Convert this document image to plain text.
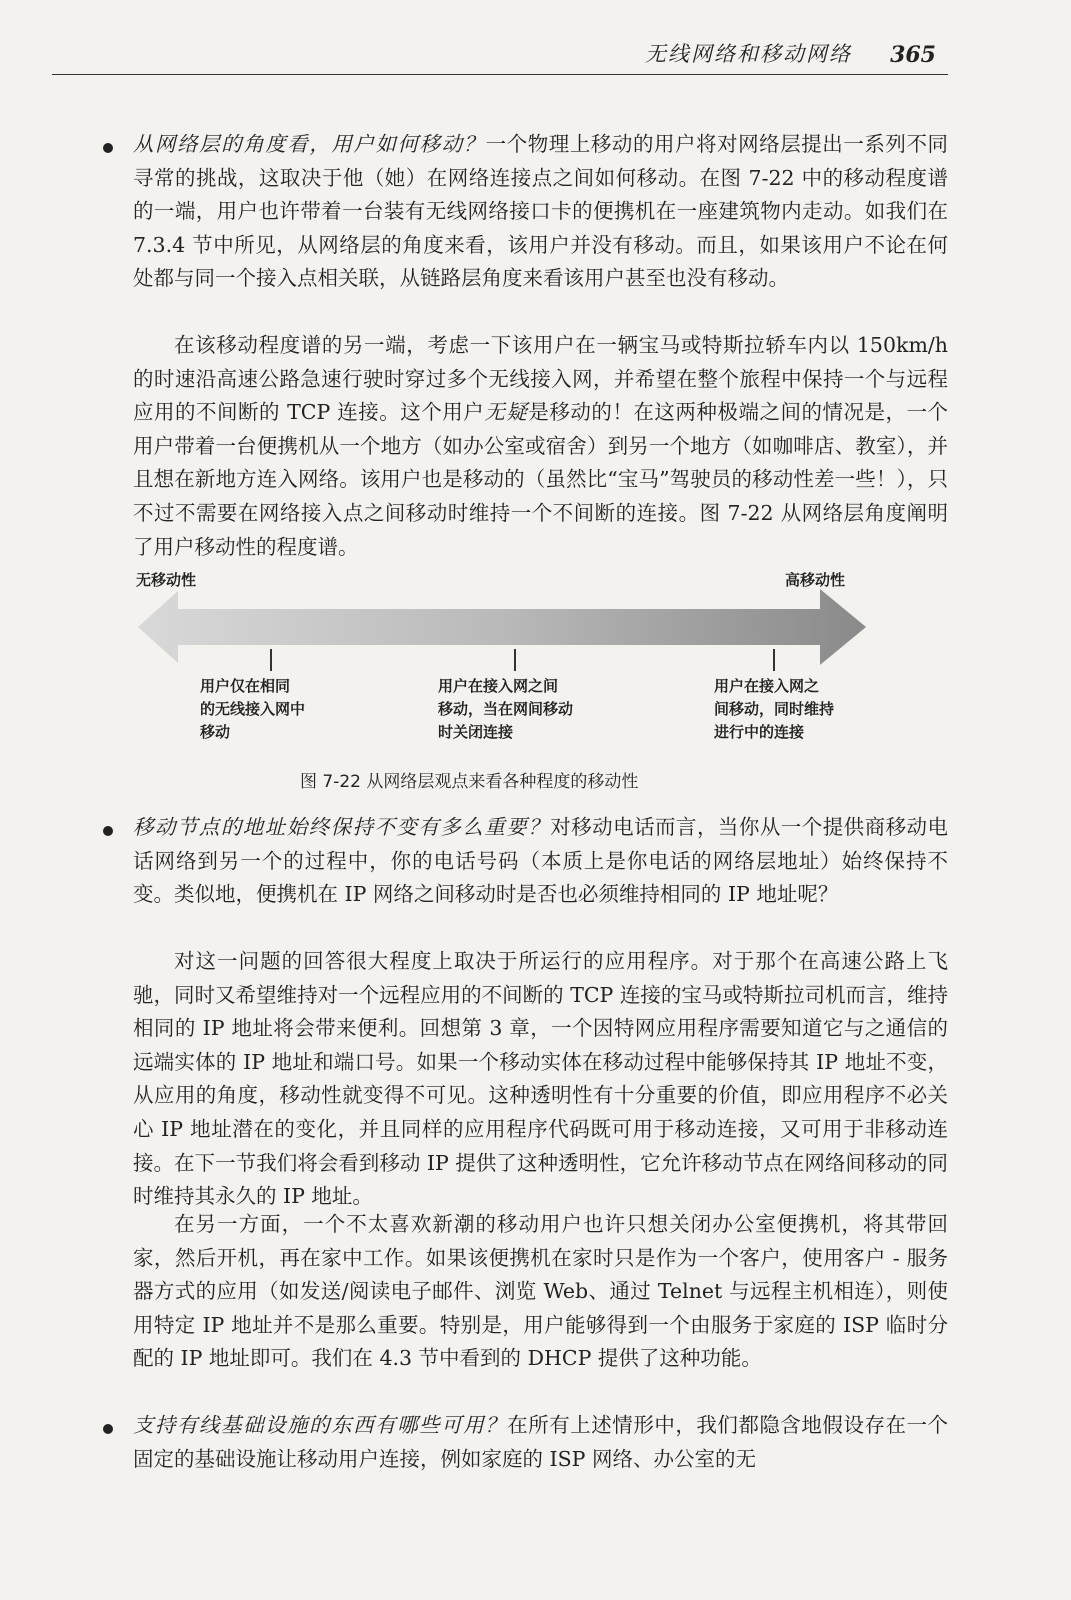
无线网络和移动网络 365

从网络层的角度看，用户如何移动？一个物理上移动的用户将对网络层提出一系列不同寻常的挑战，这取决于他（她）在网络连接点之间如何移动。在图 7-22 中的移动程度谱的一端，用户也许带着一台装有无线网络接口卡的便携机在一座建筑物内走动。如我们在 7.3.4 节中所见，从网络层的角度来看，该用户并没有移动。而且，如果该用户不论在何处都与同一个接入点相关联，从链路层角度来看该用户甚至也没有移动。

在该移动程度谱的另一端，考虑一下该用户在一辆宝马或特斯拉轿车内以 150km/h 的时速沿高速公路急速行驶时穿过多个无线接入网，并希望在整个旅程中保持一个与远程应用的不间断的 TCP 连接。这个用户无疑是移动的！在这两种极端之间的情况是，一个用户带着一台便携机从一个地方（如办公室或宿舍）到另一个地方（如咖啡店、教室），并且想在新地方连入网络。该用户也是移动的（虽然比“宝马”驾驶员的移动性差一些！），只不过不需要在网络接入点之间移动时维持一个不间断的连接。图 7-22 从网络层角度阐明了用户移动性的程度谱。

无移动性	高移动性
用户仅在相同
的无线接入网中
移动
用户在接入网之间
移动，当在网间移动
时关闭连接
用户在接入网之
间移动，同时维持
进行中的连接
图 7-22 从网络层观点来看各种程度的移动性

移动节点的地址始终保持不变有多么重要？对移动电话而言，当你从一个提供商移动电话网络到另一个的过程中，你的电话号码（本质上是你电话的网络层地址）始终保持不变。类似地，便携机在 IP 网络之间移动时是否也必须维持相同的 IP 地址呢？

对这一问题的回答很大程度上取决于所运行的应用程序。对于那个在高速公路上飞驰，同时又希望维持对一个远程应用的不间断的 TCP 连接的宝马或特斯拉司机而言，维持相同的 IP 地址将会带来便利。回想第 3 章，一个因特网应用程序需要知道它与之通信的远端实体的 IP 地址和端口号。如果一个移动实体在移动过程中能够保持其 IP 地址不变，从应用的角度，移动性就变得不可见。这种透明性有十分重要的价值，即应用程序不必关心 IP 地址潜在的变化，并且同样的应用程序代码既可用于移动连接，又可用于非移动连接。在下一节我们将会看到移动 IP 提供了这种透明性，它允许移动节点在网络间移动的同时维持其永久的 IP 地址。

在另一方面，一个不太喜欢新潮的移动用户也许只想关闭办公室便携机，将其带回家，然后开机，再在家中工作。如果该便携机在家时只是作为一个客户，使用客户 - 服务器方式的应用（如发送/阅读电子邮件、浏览 Web、通过 Telnet 与远程主机相连），则使用特定 IP 地址并不是那么重要。特别是，用户能够得到一个由服务于家庭的 ISP 临时分配的 IP 地址即可。我们在 4.3 节中看到的 DHCP 提供了这种功能。

支持有线基础设施的东西有哪些可用？在所有上述情形中，我们都隐含地假设存在一个固定的基础设施让移动用户连接，例如家庭的 ISP 网络、办公室的无
